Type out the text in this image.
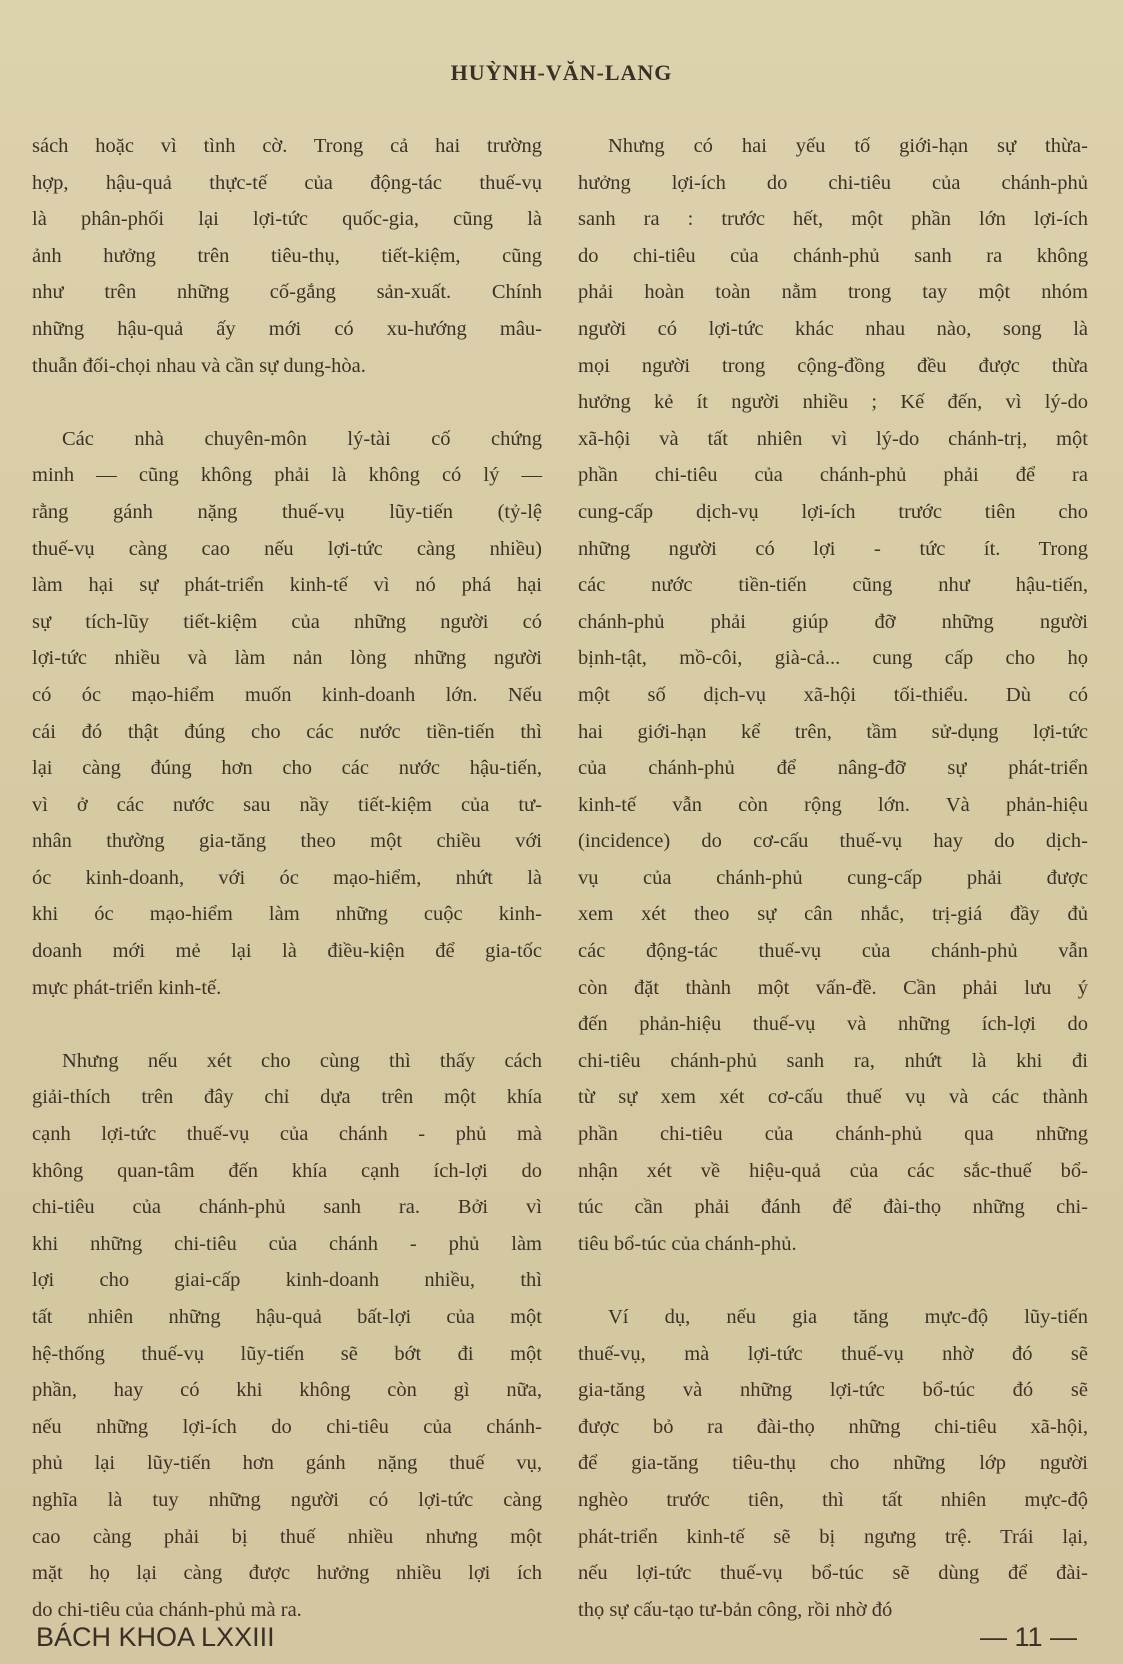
HUỲNH-VĂN-LANG
sách hoặc vì tình cờ. Trong cả hai trường
hợp, hậu-quả thực-tế của động-tác thuế-vụ
là phân-phối lại lợi-tức quốc-gia, cũng là
ảnh hưởng trên tiêu-thụ, tiết-kiệm, cũng
như trên những cố-gắng sản-xuất. Chính
những hậu-quả ấy mới có xu-hướng mâu-
thuẫn đối-chọi nhau và cần sự dung-hòa.
Các nhà chuyên-môn lý-tài cố chứng
minh — cũng không phải là không có lý —
rằng gánh nặng thuế-vụ lũy-tiến (tỷ-lệ
thuế-vụ càng cao nếu lợi-tức càng nhiều)
làm hại sự phát-triển kinh-tế vì nó phá hại
sự tích-lũy tiết-kiệm của những người có
lợi-tức nhiều và làm nản lòng những người
có óc mạo-hiểm muốn kinh-doanh lớn. Nếu
cái đó thật đúng cho các nước tiền-tiến thì
lại càng đúng hơn cho các nước hậu-tiến,
vì ở các nước sau nầy tiết-kiệm của tư-
nhân thường gia-tăng theo một chiều với
óc kinh-doanh, với óc mạo-hiểm, nhứt là
khi óc mạo-hiểm làm những cuộc kinh-
doanh mới mẻ lại là điều-kiện để gia-tốc
mực phát-triển kinh-tế.
Nhưng nếu xét cho cùng thì thấy cách
giải-thích trên đây chỉ dựa trên một khía
cạnh lợi-tức thuế-vụ của chánh - phủ mà
không quan-tâm đến khía cạnh ích-lợi do
chi-tiêu của chánh-phủ sanh ra. Bởi vì
khi những chi-tiêu của chánh - phủ làm
lợi cho giai-cấp kinh-doanh nhiều, thì
tất nhiên những hậu-quả bất-lợi của một
hệ-thống thuế-vụ lũy-tiến sẽ bớt đi một
phần, hay có khi không còn gì nữa,
nếu những lợi-ích do chi-tiêu của chánh-
phủ lại lũy-tiến hơn gánh nặng thuế vụ,
nghĩa là tuy những người có lợi-tức càng
cao càng phải bị thuế nhiều nhưng một
mặt họ lại càng được hưởng nhiều lợi ích
do chi-tiêu của chánh-phủ mà ra.
Nhưng có hai yếu tố giới-hạn sự thừa-
hưởng lợi-ích do chi-tiêu của chánh-phủ
sanh ra : trước hết, một phần lớn lợi-ích
do chi-tiêu của chánh-phủ sanh ra không
phải hoàn toàn nằm trong tay một nhóm
người có lợi-tức khác nhau nào, song là
mọi người trong cộng-đồng đều được thừa
hưởng kẻ ít người nhiều ; Kế đến, vì lý-do
xã-hội và tất nhiên vì lý-do chánh-trị, một
phần chi-tiêu của chánh-phủ phải để ra
cung-cấp dịch-vụ lợi-ích trước tiên cho
những người có lợi - tức ít. Trong
các nước tiền-tiến cũng như hậu-tiến,
chánh-phủ phải giúp đỡ những người
bịnh-tật, mồ-côi, già-cả... cung cấp cho họ
một số dịch-vụ xã-hội tối-thiểu. Dù có
hai giới-hạn kể trên, tầm sử-dụng lợi-tức
của chánh-phủ để nâng-đỡ sự phát-triển
kinh-tế vẫn còn rộng lớn. Và phản-hiệu
(incidence) do cơ-cấu thuế-vụ hay do dịch-
vụ của chánh-phủ cung-cấp phải được
xem xét theo sự cân nhắc, trị-giá đầy đủ
các động-tác thuế-vụ của chánh-phủ vẫn
còn đặt thành một vấn-đề. Cần phải lưu ý
đến phản-hiệu thuế-vụ và những ích-lợi do
chi-tiêu chánh-phủ sanh ra, nhứt là khi đi
từ sự xem xét cơ-cấu thuế vụ và các thành
phần chi-tiêu của chánh-phủ qua những
nhận xét về hiệu-quả của các sắc-thuế bổ-
túc cần phải đánh để đài-thọ những chi-
tiêu bổ-túc của chánh-phủ.
Ví dụ, nếu gia tăng mực-độ lũy-tiến
thuế-vụ, mà lợi-tức thuế-vụ nhờ đó sẽ
gia-tăng và những lợi-tức bổ-túc đó sẽ
được bỏ ra đài-thọ những chi-tiêu xã-hội,
để gia-tăng tiêu-thụ cho những lớp người
nghèo trước tiên, thì tất nhiên mực-độ
phát-triển kinh-tế sẽ bị ngưng trệ. Trái lại,
nếu lợi-tức thuế-vụ bổ-túc sẽ dùng để đài-
thọ sự cấu-tạo tư-bản công, rồi nhờ đó
BÁCH KHOA LXXIII	— 11 —
